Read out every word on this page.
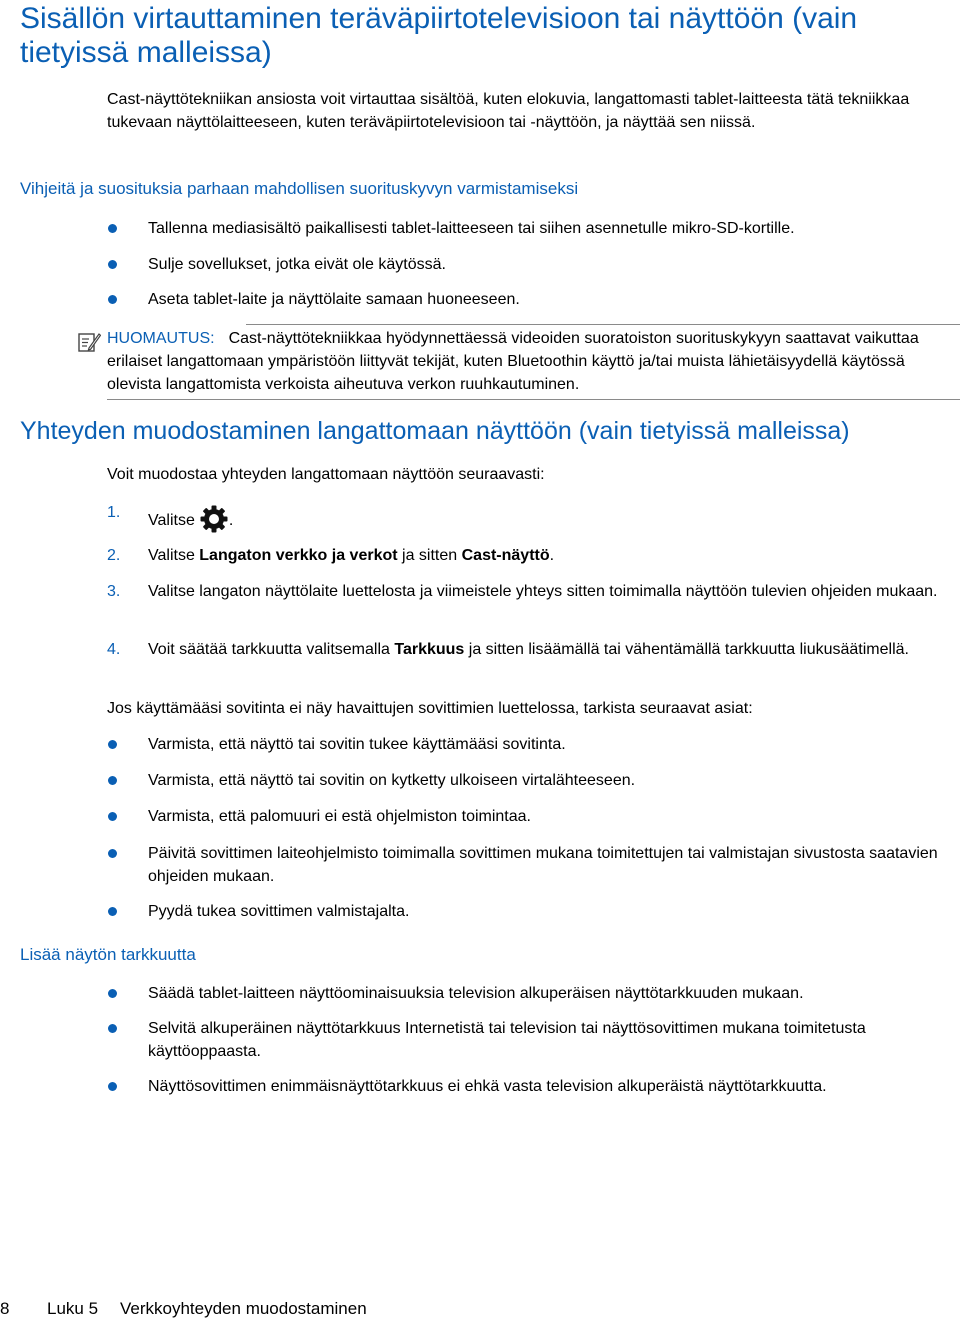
Sisällön virtauttaminen teräväpiirtotelevisioon tai näyttöön (vain tietyissä malleissa)

Cast-näyttötekniikan ansiosta voit virtauttaa sisältöä, kuten elokuvia, langattomasti tablet-laitteesta tätä tekniikkaa tukevaan näyttölaitteeseen, kuten teräväpiirtotelevisioon tai -näyttöön, ja näyttää sen niissä.

Vihjeitä ja suosituksia parhaan mahdollisen suorituskyvyn varmistamiseksi

Tallenna mediasisältö paikallisesti tablet-laitteeseen tai siihen asennetulle mikro-SD-kortille.

Sulje sovellukset, jotka eivät ole käytössä.

Aseta tablet-laite ja näyttölaite samaan huoneeseen.

HUOMAUTUS: Cast-näyttötekniikkaa hyödynnettäessä videoiden suoratoiston suorituskykyyn saattavat vaikuttaa erilaiset langattomaan ympäristöön liittyvät tekijät, kuten Bluetoothin käyttö ja/tai muista lähietäisyydellä käytössä olevista langattomista verkoista aiheutuva verkon ruuhkautuminen.

Yhteyden muodostaminen langattomaan näyttöön (vain tietyissä malleissa)

Voit muodostaa yhteyden langattomaan näyttöön seuraavasti:

1. Valitse .

2. Valitse Langaton verkko ja verkot ja sitten Cast-näyttö.

3. Valitse langaton näyttölaite luettelosta ja viimeistele yhteys sitten toimimalla näyttöön tulevien ohjeiden mukaan.

4. Voit säätää tarkkuutta valitsemalla Tarkkuus ja sitten lisäämällä tai vähentämällä tarkkuutta liukusäätimellä.

Jos käyttämääsi sovitinta ei näy havaittujen sovittimien luettelossa, tarkista seuraavat asiat:

Varmista, että näyttö tai sovitin tukee käyttämääsi sovitinta.

Varmista, että näyttö tai sovitin on kytketty ulkoiseen virtalähteeseen.

Varmista, että palomuuri ei estä ohjelmiston toimintaa.

Päivitä sovittimen laiteohjelmisto toimimalla sovittimen mukana toimitettujen tai valmistajan sivustosta saatavien ohjeiden mukaan.

Pyydä tukea sovittimen valmistajalta.

Lisää näytön tarkkuutta

Säädä tablet-laitteen näyttöominaisuuksia television alkuperäisen näyttötarkkuuden mukaan.

Selvitä alkuperäinen näyttötarkkuus Internetistä tai television tai näyttösovittimen mukana toimitetusta käyttöoppaasta.

Näyttösovittimen enimmäisnäyttötarkkuus ei ehkä vasta television alkuperäistä näyttötarkkuutta.

8 Luku 5 Verkkoyhteyden muodostaminen
